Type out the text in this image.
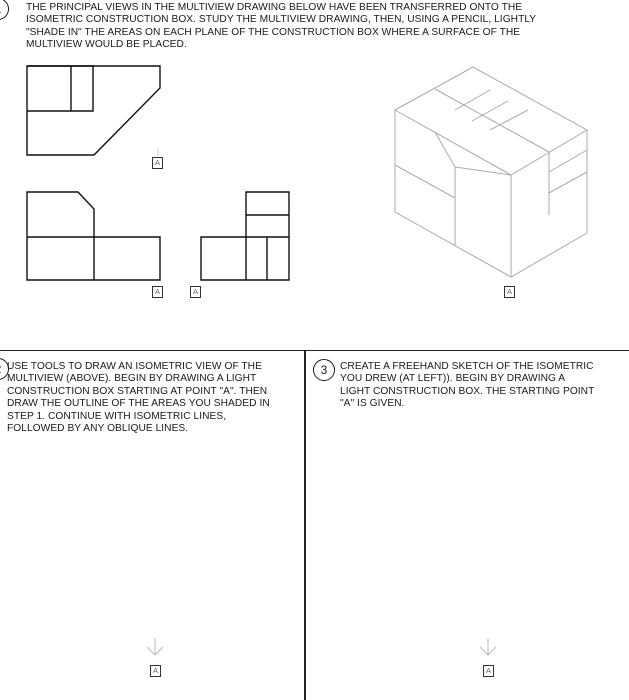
THE PRINCIPAL VIEWS IN THE MULTIVIEW DRAWING BELOW HAVE BEEN TRANSFERRED ONTO THE
ISOMETRIC CONSTRUCTION BOX. STUDY THE MULTIVIEW DRAWING, THEN, USING A PENCIL, LIGHTLY
"SHADE IN" THE AREAS ON EACH PLANE OF THE CONSTRUCTION BOX WHERE A SURFACE OF THE
MULTIVIEW WOULD BE PLACED.
A
A	A	A
USE TOOLS TO DRAW AN ISOMETRIC VIEW OF THE
MULTIVIEW (ABOVE). BEGIN BY DRAWING A LIGHT
CONSTRUCTION BOX STARTING AT POINT "A". THEN
DRAW THE OUTLINE OF THE AREAS YOU SHADED IN
STEP 1. CONTINUE WITH ISOMETRIC LINES,
FOLLOWED BY ANY OBLIQUE LINES.
3	CREATE A FREEHAND SKETCH OF THE ISOMETRIC
YOU DREW (AT LEFT)). BEGIN BY DRAWING A
LIGHT CONSTRUCTION BOX. THE STARTING POINT
"A" IS GIVEN.
A	A
